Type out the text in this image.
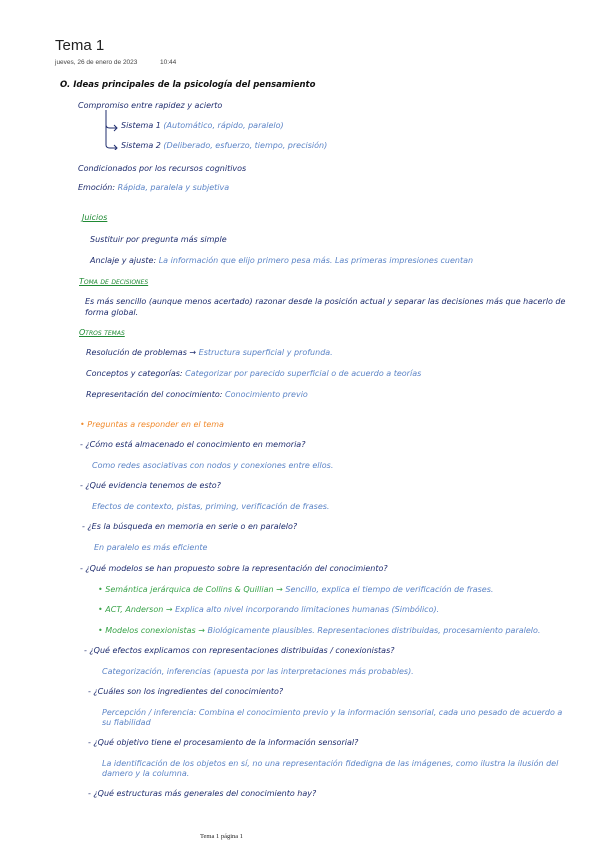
Tema 1
jueves, 26 de enero de 2023	10:44
O. Ideas principales de la psicología del pensamiento
Compromiso entre rapidez y acierto
Sistema 1 (Automático, rápido, paralelo)
Sistema 2 (Deliberado, esfuerzo, tiempo, precisión)
Condicionados por los recursos cognitivos
Emoción: Rápida, paralela y subjetiva
Juicios
Sustituir por pregunta más simple
Anclaje y ajuste: La información que elijo primero pesa más. Las primeras impresiones cuentan
Toma de decisiones
Es más sencillo (aunque menos acertado) razonar desde la posición actual y separar las decisiones más que hacerlo de forma global.
Otros temas
Resolución de problemas → Estructura superficial y profunda.
Conceptos y categorías: Categorizar por parecido superficial o de acuerdo a teorías
Representación del conocimiento: Conocimiento previo
• Preguntas a responder en el tema
- ¿Cómo está almacenado el conocimiento en memoria?
Como redes asociativas con nodos y conexiones entre ellos.
- ¿Qué evidencia tenemos de esto?
Efectos de contexto, pistas, priming, verificación de frases.
- ¿Es la búsqueda en memoria en serie o en paralelo?
En paralelo es más eficiente
- ¿Qué modelos se han propuesto sobre la representación del conocimiento?
• Semántica jerárquica de Collins & Quillian → Sencillo, explica el tiempo de verificación de frases.
• ACT, Anderson → Explica alto nivel incorporando limitaciones humanas (Simbólico).
• Modelos conexionistas → Biológicamente plausibles. Representaciones distribuidas, procesamiento paralelo.
- ¿Qué efectos explicamos con representaciones distribuidas / conexionistas?
Categorización, inferencias (apuesta por las interpretaciones más probables).
- ¿Cuáles son los ingredientes del conocimiento?
Percepción / inferencia: Combina el conocimiento previo y la información sensorial, cada uno pesado de acuerdo a su fiabilidad
- ¿Qué objetivo tiene el procesamiento de la información sensorial?
La identificación de los objetos en sí, no una representación fidedigna de las imágenes, como ilustra la ilusión del damero y la columna.
- ¿Qué estructuras más generales del conocimiento hay?
Tema 1 página 1
